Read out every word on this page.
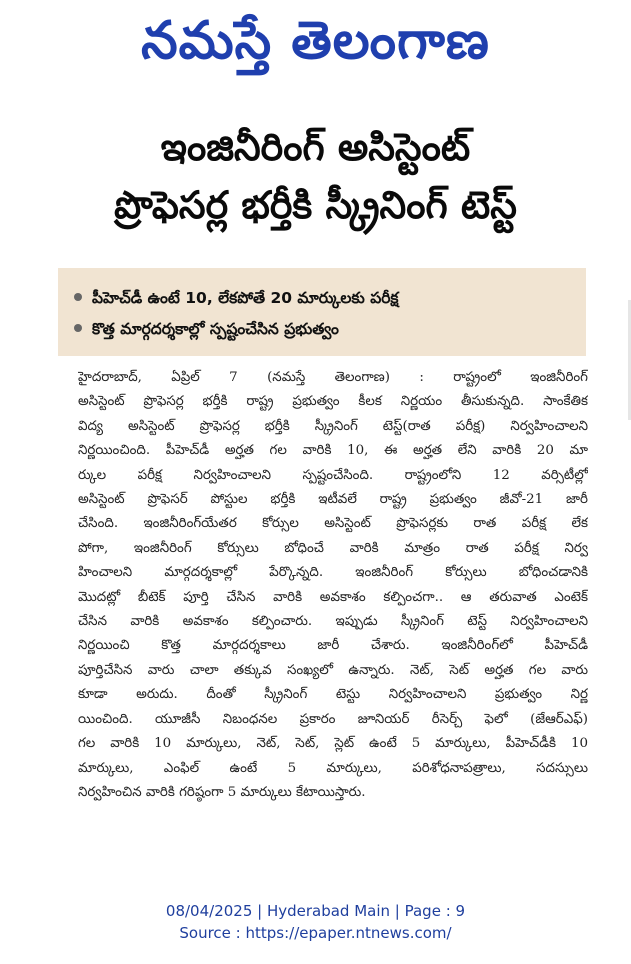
నమస్తే తెలంగాణ
ఇంజినీరింగ్ అసిస్టెంట్
ప్రొఫెసర్ల భర్తీకి స్క్రీనింగ్ టెస్ట్
పీహెచ్‌డీ ఉంటే 10, లేకపోతే 20 మార్కులకు పరీక్ష
కొత్త మార్గదర్శకాల్లో స్పష్టంచేసిన ప్రభుత్వం
హైదరాబాద్, ఏప్రిల్ 7 (నమస్తే తెలంగాణ) : రాష్ట్రంలో ఇంజినీరింగ్
అసిస్టెంట్ ప్రొఫెసర్ల భర్తీకి రాష్ట్ర ప్రభుత్వం కీలక నిర్ణయం తీసుకున్నది. సాంకేతిక
విద్య అసిస్టెంట్ ప్రొఫెసర్ల భర్తీకి స్క్రీనింగ్ టెస్ట్(రాత పరీక్ష) నిర్వహించాలని
నిర్ణయించింది. పీహెచ్‌డీ అర్హత గల వారికి 10, ఈ అర్హత లేని వారికి 20 మా
ర్కుల పరీక్ష నిర్వహించాలని స్పష్టంచేసింది. రాష్ట్రంలోని 12 వర్సిటీల్లో
అసిస్టెంట్ ప్రొఫెసర్ పోస్టుల భర్తీకి ఇటీవలే రాష్ట్ర ప్రభుత్వం జీవో-21 జారీ
చేసింది. ఇంజినీరింగ్‌యేతర కోర్సుల అసిస్టెంట్ ప్రొఫెసర్లకు రాత పరీక్ష లేక
పోగా, ఇంజినీరింగ్ కోర్సులు బోధించే వారికి మాత్రం రాత పరీక్ష నిర్వ
హించాలని మార్గదర్శకాల్లో పేర్కొన్నది. ఇంజినీరింగ్ కోర్సులు బోధించడానికి
మొదట్లో బీటెక్ పూర్తి చేసిన వారికి అవకాశం కల్పించగా.. ఆ తరువాత ఎంటెక్
చేసిన వారికి అవకాశం కల్పించారు. ఇప్పుడు స్క్రీనింగ్ టెస్ట్ నిర్వహించాలని
నిర్ణయించి కొత్త మార్గదర్శకాలు జారీ చేశారు. ఇంజినీరింగ్‌లో పీహెచ్‌డీ
పూర్తిచేసిన వారు చాలా తక్కువ సంఖ్యలో ఉన్నారు. నెట్, సెట్ అర్హత గల వారు
కూడా అరుదు. దీంతో స్క్రీనింగ్ టెస్టు నిర్వహించాలని ప్రభుత్వం నిర్ణ
యించింది. యూజీసీ నిబంధనల ప్రకారం జూనియర్ రీసెర్చ్ ఫెలో (జేఆర్ఎఫ్)
గల వారికి 10 మార్కులు, నెట్, సెట్, స్లెట్ ఉంటే 5 మార్కులు, పీహెచ్‌డీకి 10
మార్కులు, ఎంఫిల్ ఉంటే 5 మార్కులు, పరిశోధనాపత్రాలు, సదస్సులు
నిర్వహించిన వారికి గరిష్ఠంగా 5 మార్కులు కేటాయిస్తారు.
08/04/2025 | Hyderabad Main | Page : 9
Source : https://epaper.ntnews.com/
